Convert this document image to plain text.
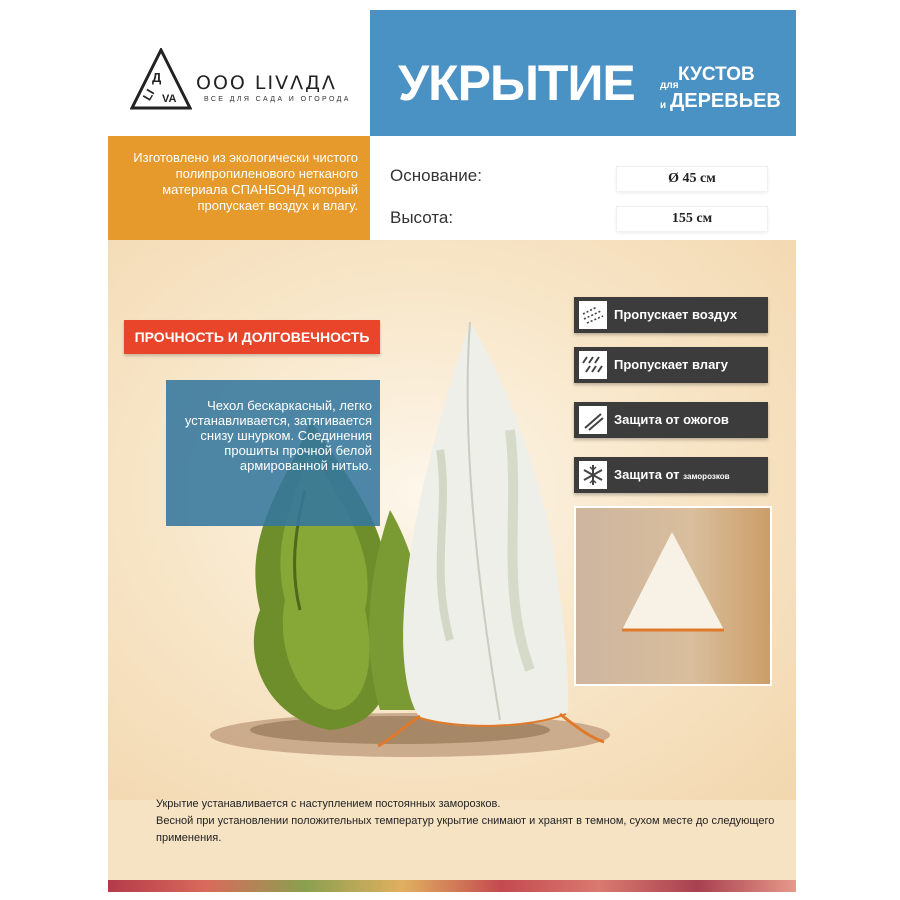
Д
LI VA
OOO LIVΛДΛ
ВСЕ ДЛЯ САДА И ОГОРОДА УКРЫТИЕ	для
КУСТОВ
и ДЕРЕВЬЕВ
Изготовлено из экологически чистого полипропиленового нетканого материала СПАНБОНД который пропускает воздух и влагу.
Основание:	Ø 45 см
Высота:	155 см
ПРОЧНОСТЬ И ДОЛГОВЕЧНОСТЬ
Чехол бескаркасный, легко устанавливается, затягивается снизу шнурком. Соединения прошиты прочной белой армированной нитью.
Пропускает воздух
Пропускает влагу
Защита от ожогов
Защита от заморозков
Укрытие устанавливается с наступлением постоянных заморозков.
Весной при установлении положительных температур укрытие снимают и хранят в темном, сухом месте до следующего применения.
